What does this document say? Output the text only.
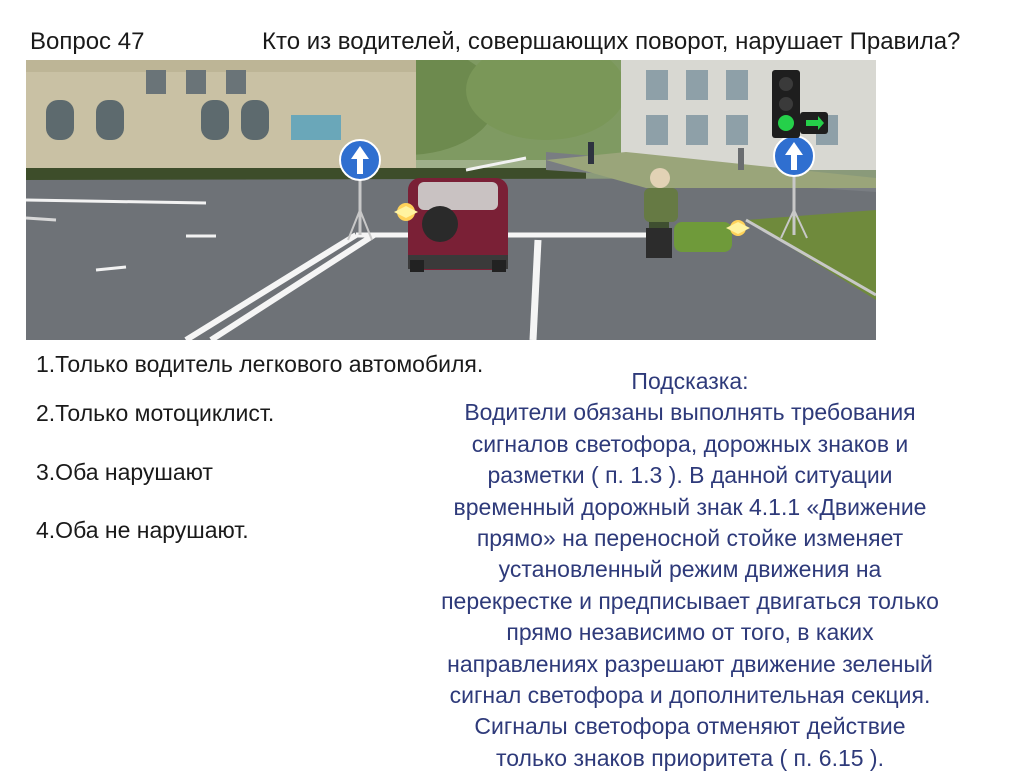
Вопрос 47	Кто из водителей, совершающих поворот, нарушает Правила?
1.Только водитель легкового автомобиля.
2.Только мотоциклист.
3.Оба нарушают
4.Оба не нарушают.
Подсказка:
Водители обязаны выполнять требования
сигналов светофора, дорожных знаков и
разметки ( п. 1.3 ). В данной ситуации
временный дорожный знак 4.1.1 «Движение
прямо» на переносной стойке изменяет
установленный режим движения на
перекрестке и предписывает двигаться только
прямо независимо от того, в каких
направлениях разрешают движение зеленый
сигнал светофора и дополнительная секция.
Сигналы светофора отменяют действие
только знаков приоритета ( п. 6.15 ).
